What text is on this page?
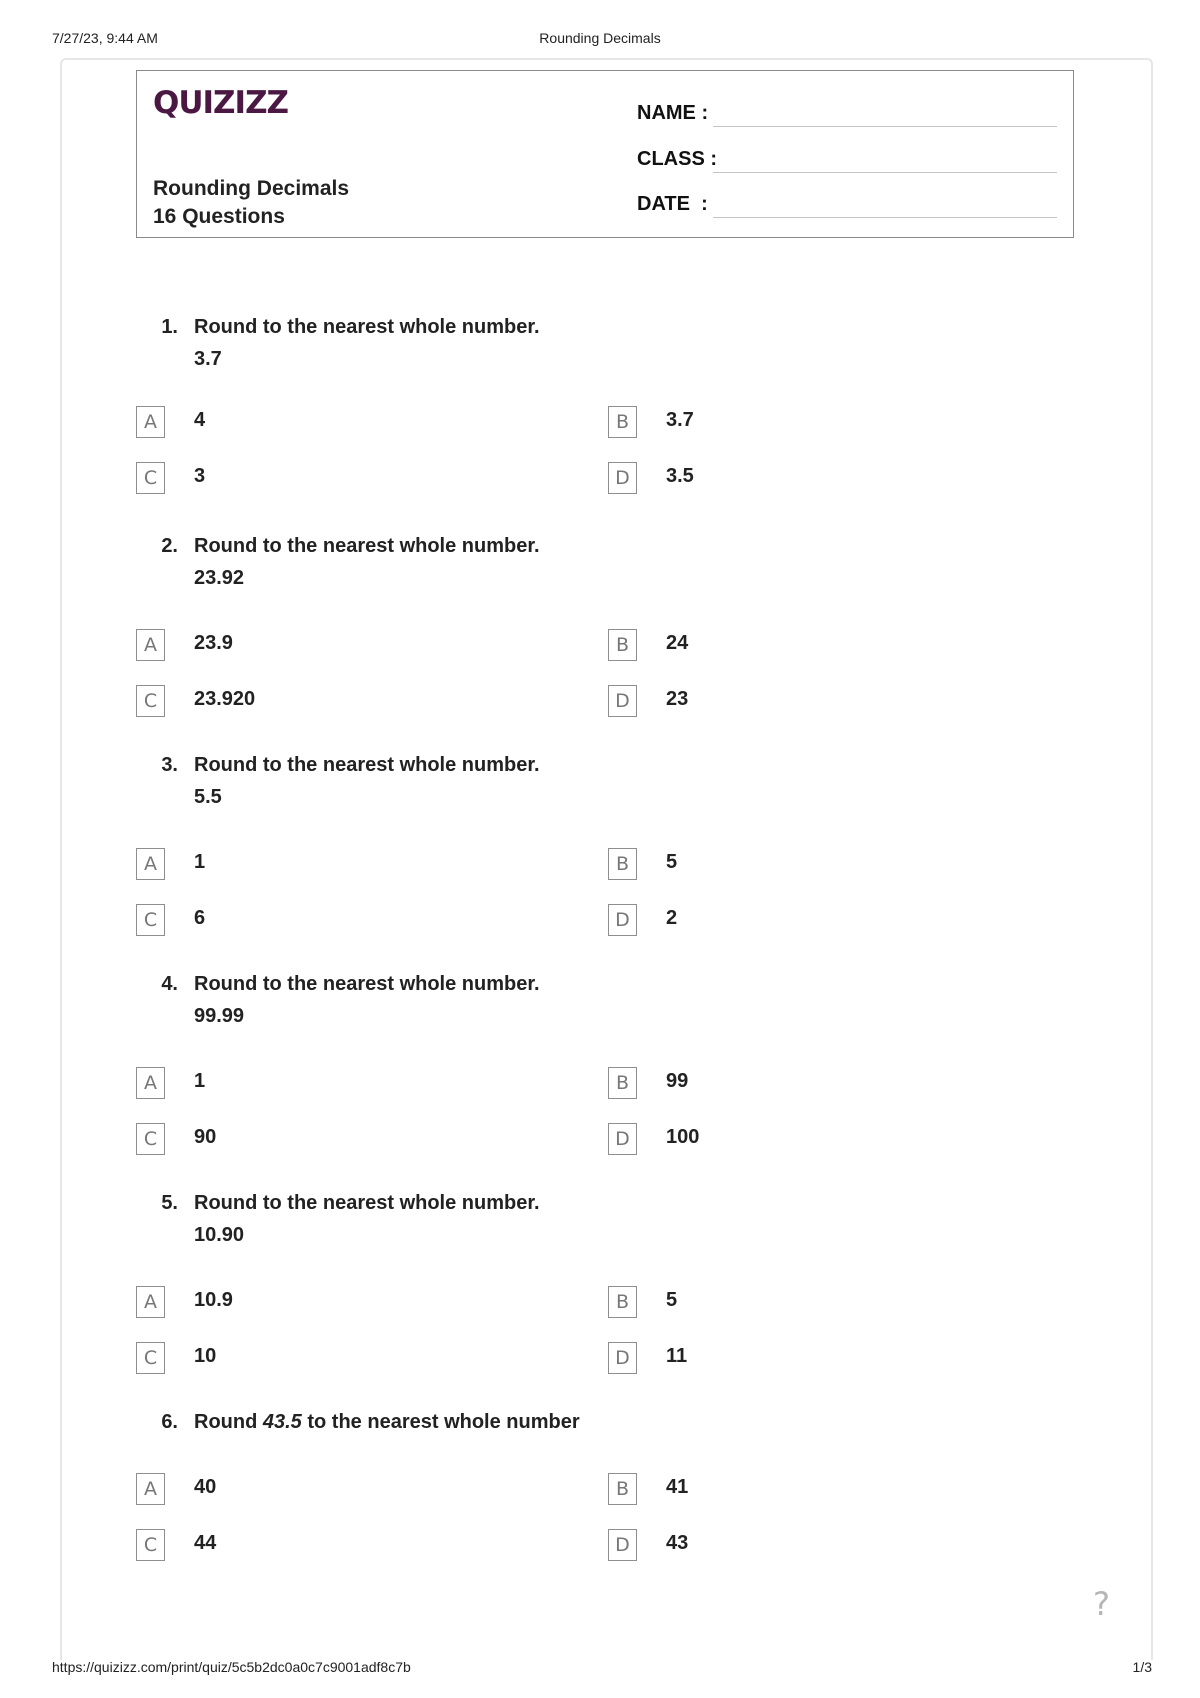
7/27/23, 9:44 AM	Rounding Decimals
QUIZIZZ
Rounding Decimals
16 Questions
NAME :
CLASS :
DATE  :
1. Round to the nearest whole number.
3.7
A	4	B	3.7
C	3	D	3.5
2. Round to the nearest whole number.
23.92
A	23.9	B	24
C	23.920	D	23
3. Round to the nearest whole number.
5.5
A	1	B	5
C	6	D	2
4. Round to the nearest whole number.
99.99
A	1	B	99
C	90	D	100
5. Round to the nearest whole number.
10.90
A	10.9	B	5
C	10	D	11
6. Round 43.5 to the nearest whole number
A	40	B	41
C	44	D	43
?
https://quizizz.com/print/quiz/5c5b2dc0a0c7c9001adf8c7b	1/3
